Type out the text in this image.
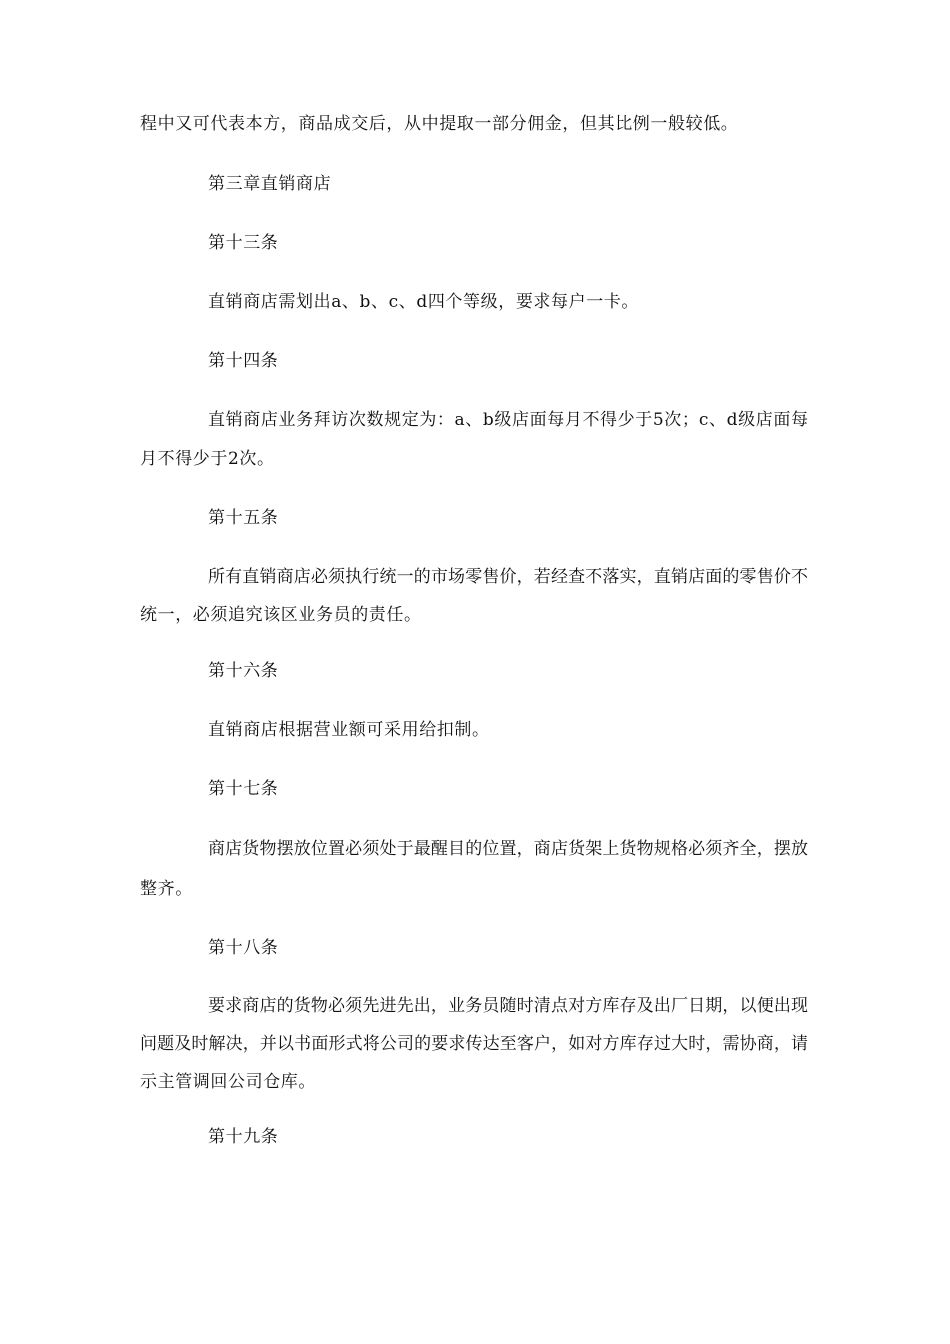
程中又可代表本方，商品成交后，从中提取一部分佣金，但其比例一般较低。
第三章直销商店
第十三条
直销商店需划出a、b、c、d四个等级，要求每户一卡。
第十四条
直销商店业务拜访次数规定为：a、b级店面每月不得少于5次；c、d级店面每
月不得少于2次。
第十五条
所有直销商店必须执行统一的市场零售价，若经查不落实，直销店面的零售价不
统一，必须追究该区业务员的责任。
第十六条
直销商店根据营业额可采用给扣制。
第十七条
商店货物摆放位置必须处于最醒目的位置，商店货架上货物规格必须齐全，摆放
整齐。
第十八条
要求商店的货物必须先进先出，业务员随时清点对方库存及出厂日期，以便出现
问题及时解决，并以书面形式将公司的要求传达至客户，如对方库存过大时，需协商，请
示主管调回公司仓库。
第十九条
